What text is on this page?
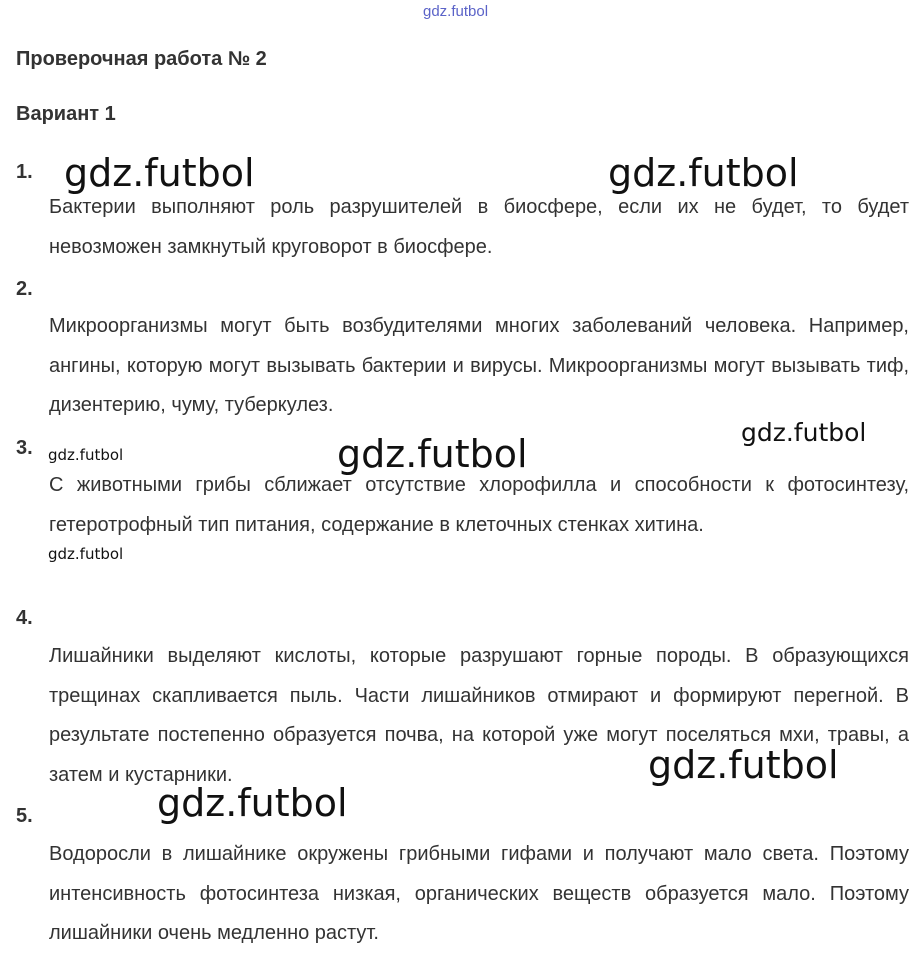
gdz.futbol
Проверочная работа № 2
Вариант 1
1.
Бактерии выполняют роль разрушителей в биосфере, если их не будет, то будет невозможен замкнутый круговорот в биосфере.
2.
Микроорганизмы могут быть возбудителями многих заболеваний человека. Например, ангины, которую могут вызывать бактерии и вирусы. Микроорганизмы могут вызывать тиф, дизентерию, чуму, туберкулез.
3.
С животными грибы сближает отсутствие хлорофилла и способности к фотосинтезу, гетеротрофный тип питания, содержание в клеточных стенках хитина.
4.
Лишайники выделяют кислоты, которые разрушают горные породы. В образующихся трещинах скапливается пыль. Части лишайников отмирают и формируют перегной. В результате постепенно образуется почва, на которой уже могут поселяться мхи, травы, а затем и кустарники.
5.
Водоросли в лишайнике окружены грибными гифами и получают мало света. Поэтому интенсивность фотосинтеза низкая, органических веществ образуется мало. Поэтому лишайники очень медленно растут.
gdz.futbol	gdz.futbol
gdz.futbol
gdz.futbol	gdz.futbol
gdz.futbol
gdz.futbol
gdz.futbol
